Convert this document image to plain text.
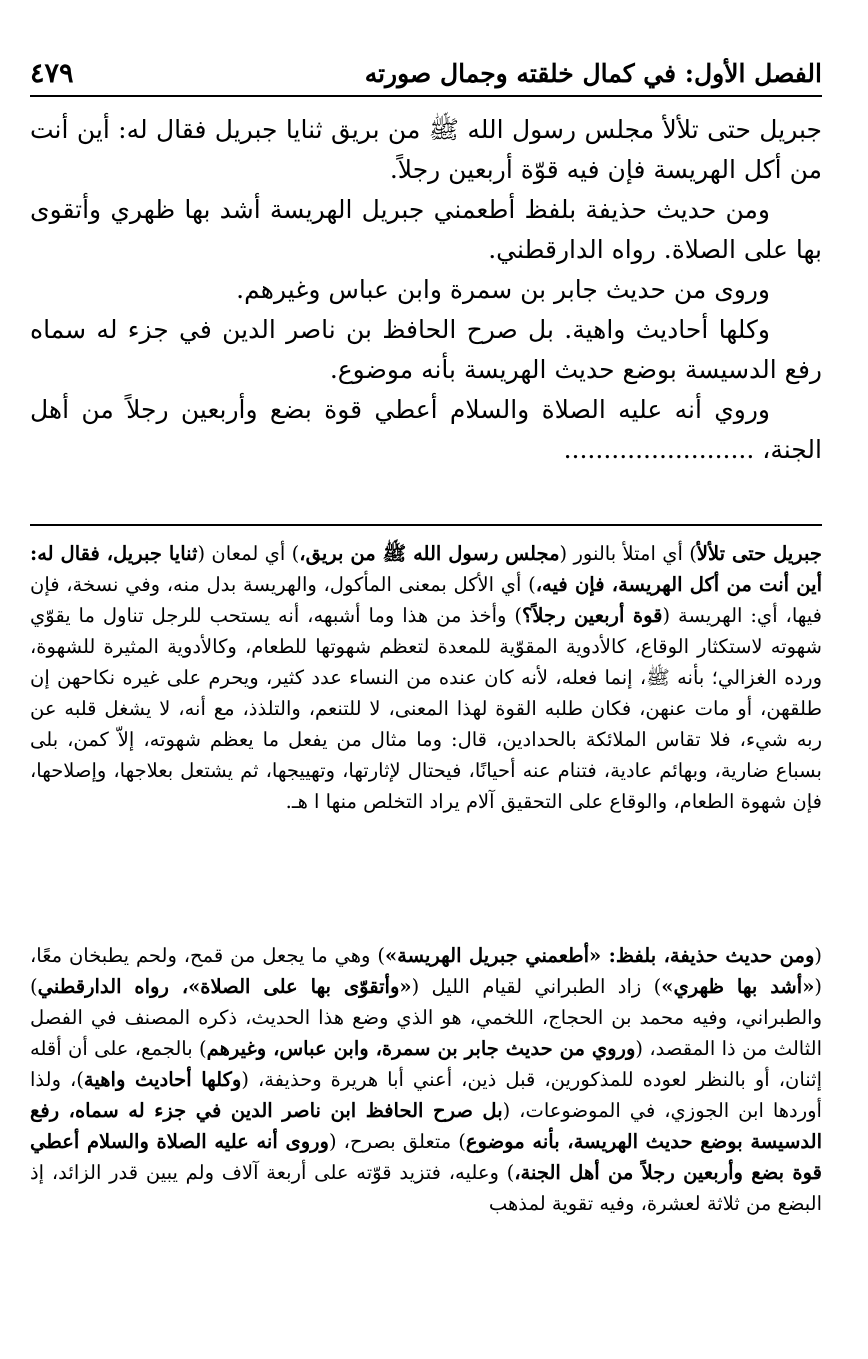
الفصل الأول: في كمال خلقته وجمال صورته
٤٧٩

جبريل حتى تلألأ مجلس رسول الله ﷺ من بريق ثنايا جبريل فقال له: أين أنت من أكل الهريسة فإن فيه قوّة أربعين رجلاً.

ومن حديث حذيفة بلفظ أطعمني جبريل الهريسة أشد بها ظهري وأتقوى بها على الصلاة. رواه الدارقطني.

وروى من حديث جابر بن سمرة وابن عباس وغيرهم.

وكلها أحاديث واهية. بل صرح الحافظ بن ناصر الدين في جزء له سماه رفع الدسيسة بوضع حديث الهريسة بأنه موضوع.

وروي أنه عليه الصلاة والسلام أعطي قوة بضع وأربعين رجلاً من أهل الجنة، ........................

جبريل حتى تلألأ) أي امتلأ بالنور (مجلس رسول الله ﷺ من بريق،) أي لمعان (ثنايا جبريل، فقال له: أين أنت من أكل الهريسة، فإن فيه،) أي الأكل بمعنى المأكول، والهريسة بدل منه، وفي نسخة، فإن فيها، أي: الهريسة (قوة أربعين رجلاً؟) وأخذ من هذا وما أشبهه، أنه يستحب للرجل تناول ما يقوّي شهوته لاستكثار الوقاع، كالأدوية المقوّية للمعدة لتعظم شهوتها للطعام، وكالأدوية المثيرة للشهوة، ورده الغزالي؛ بأنه ﷺ، إنما فعله، لأنه كان عنده من النساء عدد كثير، ويحرم على غيره نكاحهن إن طلقهن، أو مات عنهن، فكان طلبه القوة لهذا المعنى، لا للتنعم، والتلذذ، مع أنه، لا يشغل قلبه عن ربه شيء، فلا تقاس الملائكة بالحدادين، قال: وما مثال من يفعل ما يعظم شهوته، إلاّ كمن، بلى بسباع ضارية، وبهائم عادية، فتنام عنه أحيانًا، فيحتال لإثارتها، وتهييجها، ثم يشتعل بعلاجها، وإصلاحها، فإن شهوة الطعام، والوقاع على التحقيق آلام يراد التخلص منها ا هـ.

(ومن حديث حذيفة، بلفظ: «أطعمني جبريل الهريسة») وهي ما يجعل من قمح، ولحم يطبخان معًا، («أشد بها ظهري») زاد الطبراني لقيام الليل («وأتقوّى بها على الصلاة»، رواه الدارقطني) والطبراني، وفيه محمد بن الحجاج، اللخمي، هو الذي وضع هذا الحديث، ذكره المصنف في الفصل الثالث من ذا المقصد، (وروي من حديث جابر بن سمرة، وابن عباس، وغيرهم) بالجمع، على أن أقله إثنان، أو بالنظر لعوده للمذكورين، قبل ذين، أعني أبا هريرة وحذيفة، (وكلها أحاديث واهية)، ولذا أوردها ابن الجوزي، في الموضوعات، (بل صرح الحافظ ابن ناصر الدين في جزء له سماه، رفع الدسيسة بوضع حديث الهريسة، بأنه موضوع) متعلق بصرح، (وروى أنه عليه الصلاة والسلام أعطي قوة بضع وأربعين رجلاً من أهل الجنة،) وعليه، فتزيد قوّته على أربعة آلاف ولم يبين قدر الزائد، إذ البضع من ثلاثة لعشرة، وفيه تقوية لمذهب
